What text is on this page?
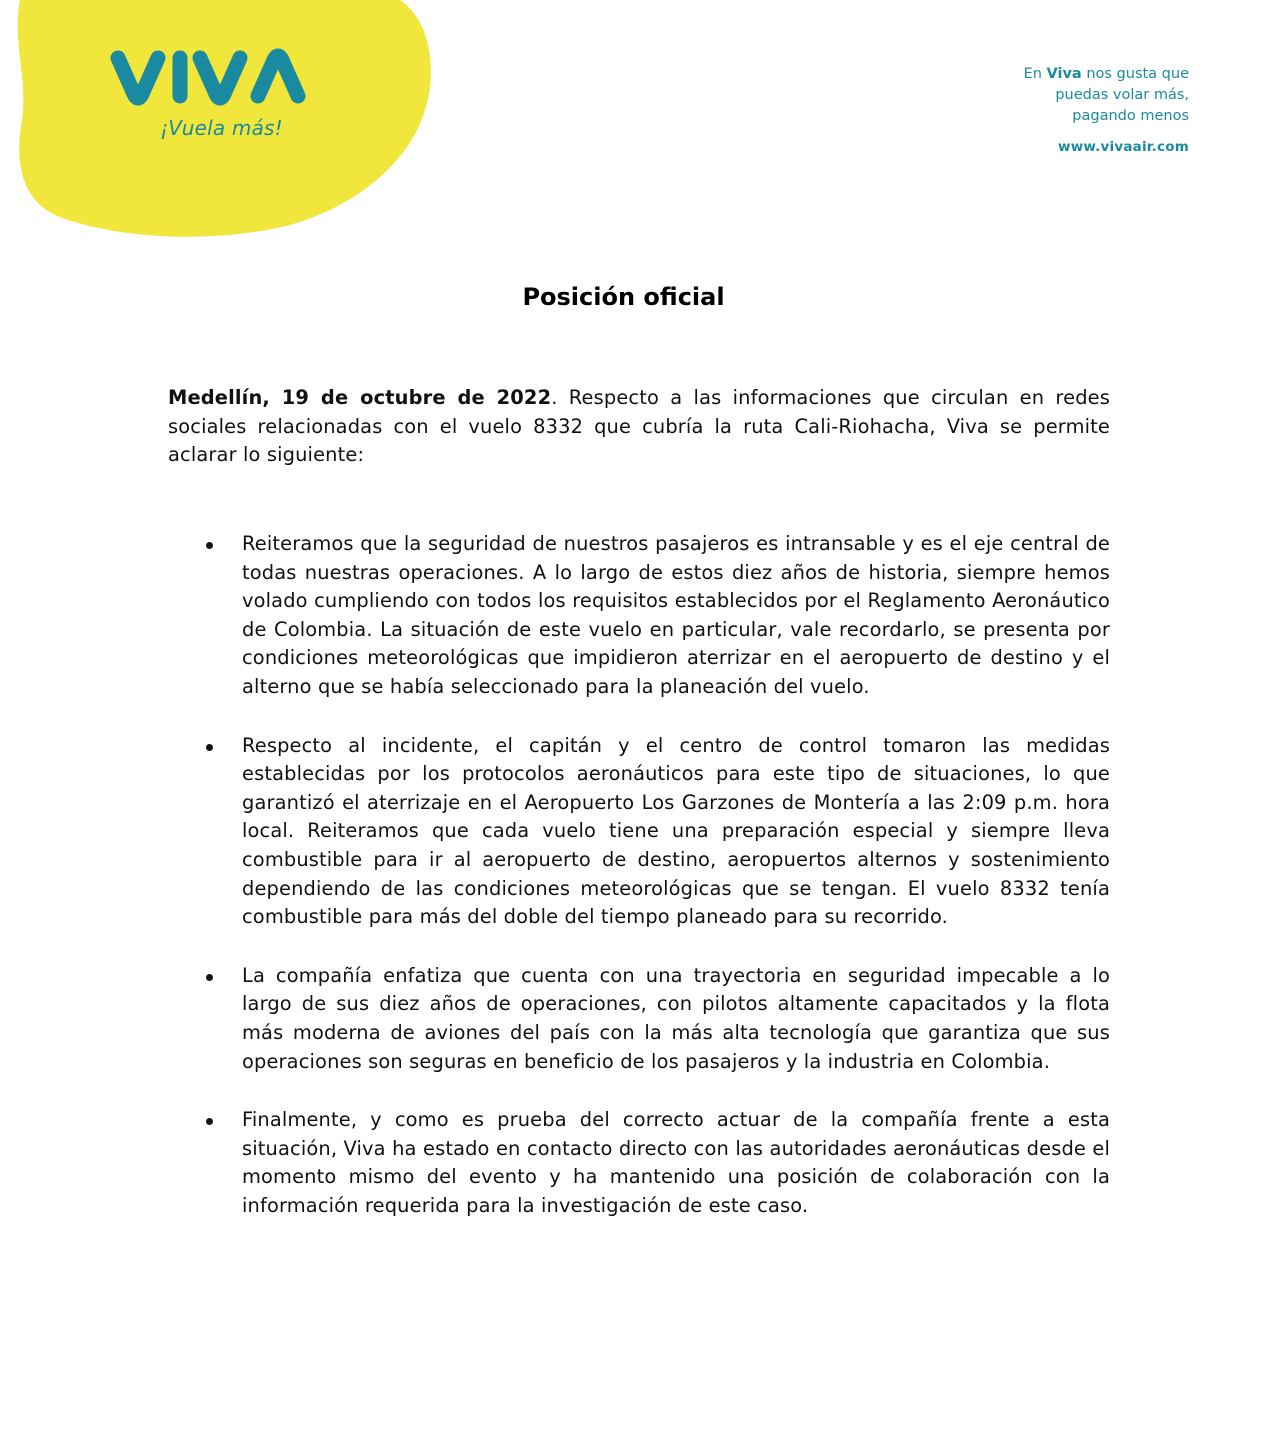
¡Vuela más!
En Viva nos gusta que
puedas volar más,
pagando menos
www.vivaair.com
Posición oficial
Medellín, 19 de octubre de 2022. Respecto a las informaciones que circulan en redes sociales relacionadas con el vuelo 8332 que cubría la ruta Cali-Riohacha, Viva se permite aclarar lo siguiente:
Reiteramos que la seguridad de nuestros pasajeros es intransable y es el eje central de todas nuestras operaciones. A lo largo de estos diez años de historia, siempre hemos volado cumpliendo con todos los requisitos establecidos por el Reglamento Aeronáutico de Colombia. La situación de este vuelo en particular, vale recordarlo, se presenta por condiciones meteorológicas que impidieron aterrizar en el aeropuerto de destino y el alterno que se había seleccionado para la planeación del vuelo.
Respecto al incidente, el capitán y el centro de control tomaron las medidas establecidas por los protocolos aeronáuticos para este tipo de situaciones, lo que garantizó el aterrizaje en el Aeropuerto Los Garzones de Montería a las 2:09 p.m. hora local. Reiteramos que cada vuelo tiene una preparación especial y siempre lleva combustible para ir al aeropuerto de destino, aeropuertos alternos y sostenimiento dependiendo de las condiciones meteorológicas que se tengan. El vuelo 8332 tenía combustible para más del doble del tiempo planeado para su recorrido.
La compañía enfatiza que cuenta con una trayectoria en seguridad impecable a lo largo de sus diez años de operaciones, con pilotos altamente capacitados y la flota más moderna de aviones del país con la más alta tecnología que garantiza que sus operaciones son seguras en beneficio de los pasajeros y la industria en Colombia.
Finalmente, y como es prueba del correcto actuar de la compañía frente a esta situación, Viva ha estado en contacto directo con las autoridades aeronáuticas desde el momento mismo del evento y ha mantenido una posición de colaboración con la información requerida para la investigación de este caso.
